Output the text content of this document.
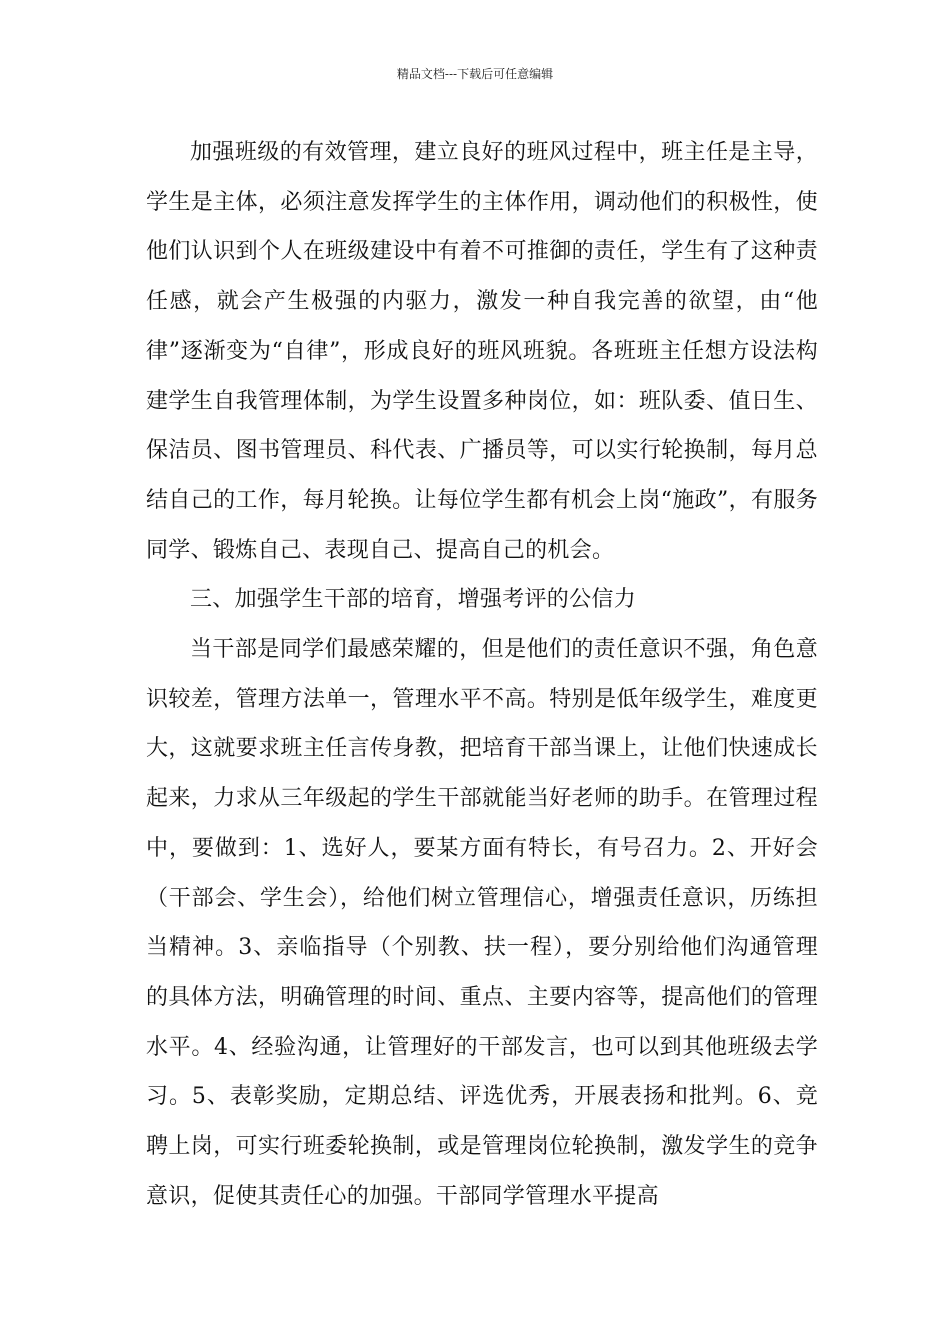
精品文档---下载后可任意编辑

加强班级的有效管理，建立良好的班风过程中，班主任是主导，学生是主体，必须注意发挥学生的主体作用，调动他们的积极性，使他们认识到个人在班级建设中有着不可推御的责任，学生有了这种责任感，就会产生极强的内驱力，激发一种自我完善的欲望，由“他律”逐渐变为“自律”，形成良好的班风班貌。各班班主任想方设法构建学生自我管理体制，为学生设置多种岗位，如：班队委、值日生、保洁员、图书管理员、科代表、广播员等，可以实行轮换制，每月总结自己的工作，每月轮换。让每位学生都有机会上岗“施政”，有服务同学、锻炼自己、表现自己、提高自己的机会。

三、加强学生干部的培育，增强考评的公信力

当干部是同学们最感荣耀的，但是他们的责任意识不强，角色意识较差，管理方法单一，管理水平不高。特别是低年级学生，难度更大，这就要求班主任言传身教，把培育干部当课上，让他们快速成长起来，力求从三年级起的学生干部就能当好老师的助手。在管理过程中，要做到：1、选好人，要某方面有特长，有号召力。2、开好会（干部会、学生会），给他们树立管理信心，增强责任意识，历练担当精神。3、亲临指导（个别教、扶一程），要分别给他们沟通管理的具体方法，明确管理的时间、重点、主要内容等，提高他们的管理水平。4、经验沟通，让管理好的干部发言，也可以到其他班级去学习。5、表彰奖励，定期总结、评选优秀，开展表扬和批判。6、竞聘上岗，可实行班委轮换制，或是管理岗位轮换制，激发学生的竞争意识，促使其责任心的加强。干部同学管理水平提高
